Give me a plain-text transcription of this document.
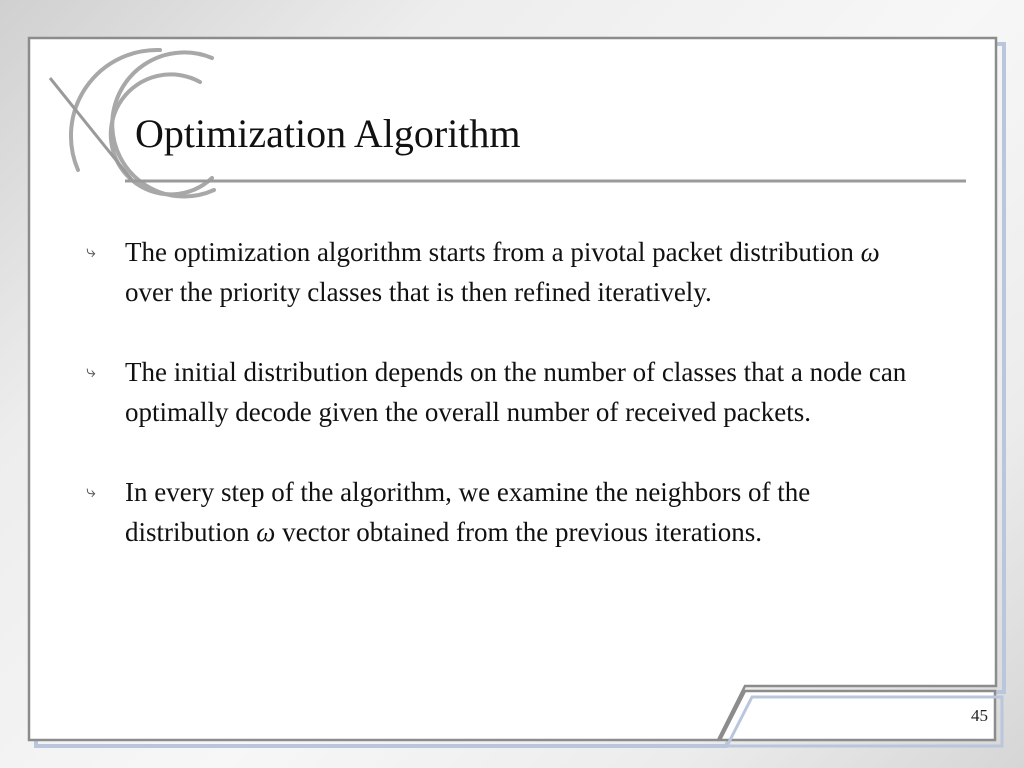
Optimization Algorithm
⤷ The optimization algorithm starts from a pivotal packet distribution ω over the priority classes that is then refined iteratively.
⤷ The initial distribution depends on the number of classes that a node can optimally decode given the overall number of received packets.
⤷ In every step of the algorithm, we examine the neighbors of the distribution ω vector obtained from the previous iterations.
45
